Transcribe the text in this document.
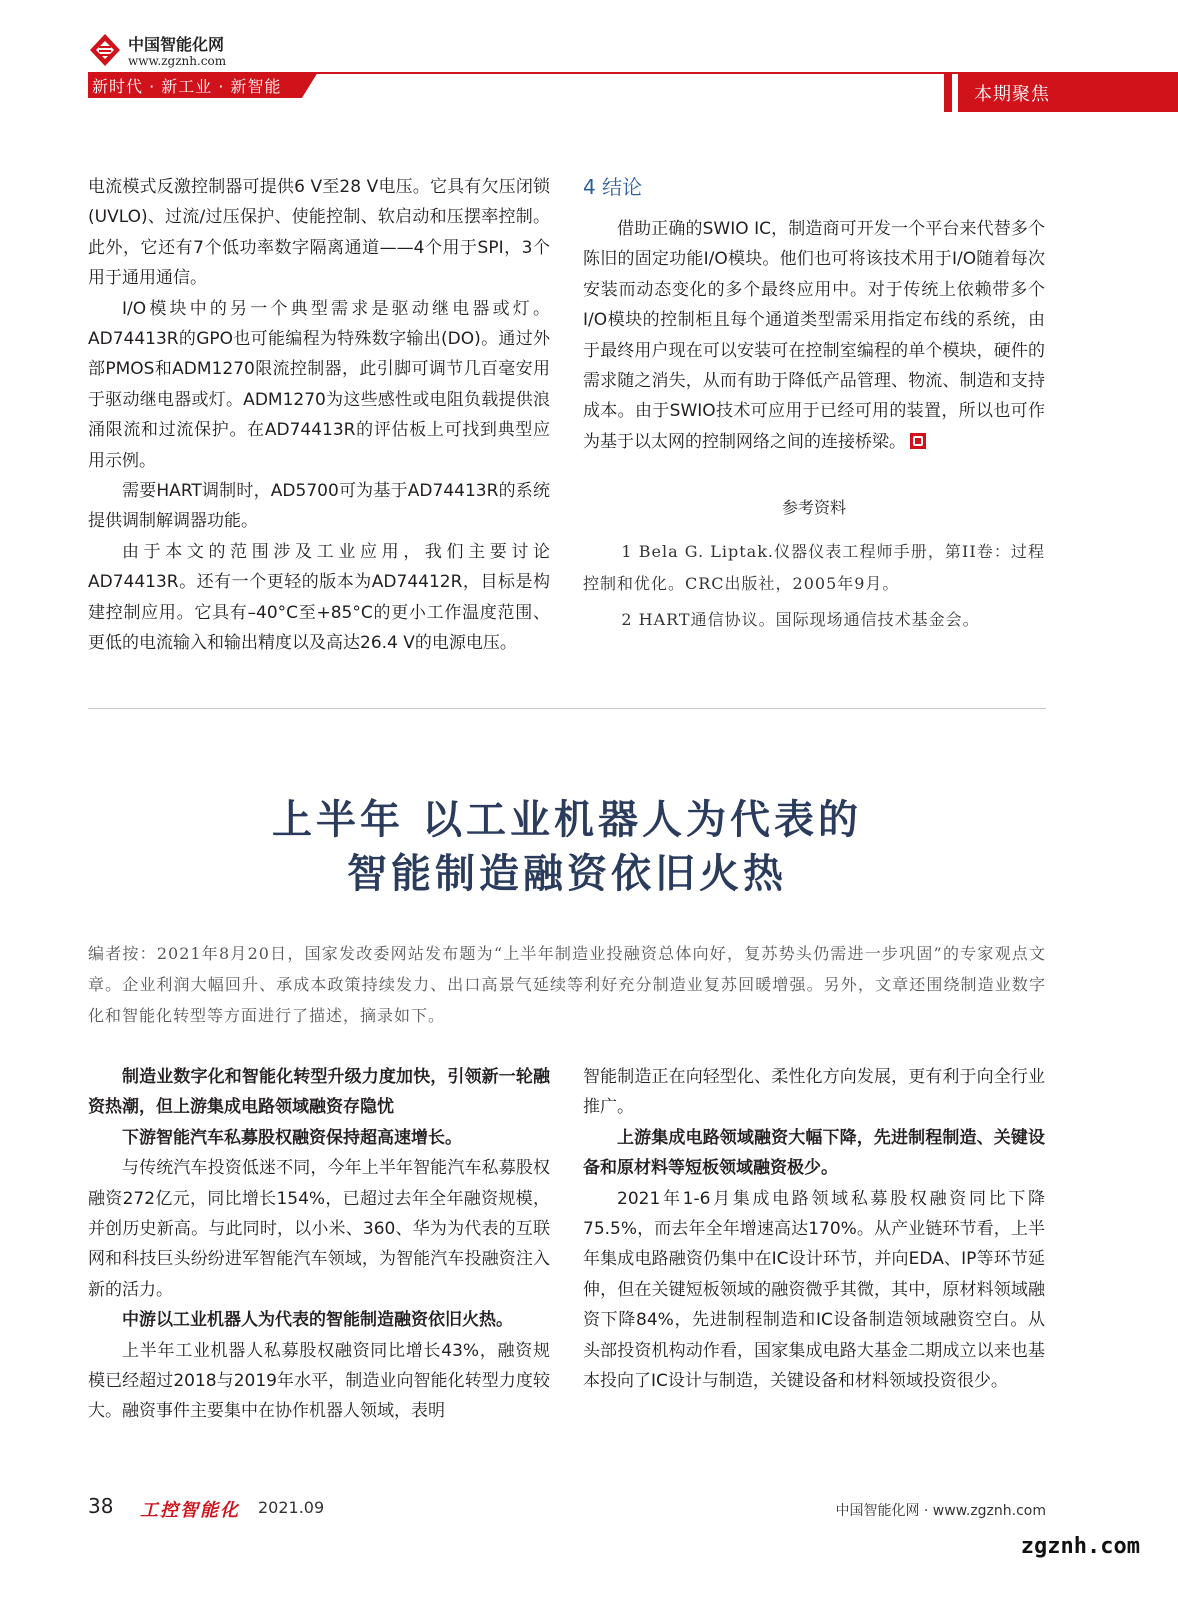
中国智能化网
www.zgznh.com
新时代 · 新工业 · 新智能	本期聚焦

电流模式反激控制器可提供6 V至28 V电压。它具有欠压闭锁(UVLO)、过流/过压保护、使能控制、软启动和压摆率控制。此外，它还有7个低功率数字隔离通道——4个用于SPI，3个用于通用通信。

I/O模块中的另一个典型需求是驱动继电器或灯。AD74413R的GPO也可能编程为特殊数字输出(DO)。通过外部PMOS和ADM1270限流控制器，此引脚可调节几百毫安用于驱动继电器或灯。ADM1270为这些感性或电阻负载提供浪涌限流和过流保护。在AD74413R的评估板上可找到典型应用示例。

需要HART调制时，AD5700可为基于AD74413R的系统提供调制解调器功能。

由于本文的范围涉及工业应用，我们主要讨论AD74413R。还有一个更轻的版本为AD74412R，目标是构建控制应用。它具有–40°C至+85°C的更小工作温度范围、更低的电流输入和输出精度以及高达26.4 V的电源电压。

4 结论

借助正确的SWIO IC，制造商可开发一个平台来代替多个陈旧的固定功能I/O模块。他们也可将该技术用于I/O随着每次安装而动态变化的多个最终应用中。对于传统上依赖带多个I/O模块的控制柜且每个通道类型需采用指定布线的系统，由于最终用户现在可以安装可在控制室编程的单个模块，硬件的需求随之消失，从而有助于降低产品管理、物流、制造和支持成本。由于SWIO技术可应用于已经可用的装置，所以也可作为基于以太网的控制网络之间的连接桥梁。

参考资料

1 Bela G. Liptak.仪器仪表工程师手册，第II卷：过程控制和优化。CRC出版社，2005年9月。

2 HART通信协议。国际现场通信技术基金会。

上半年 以工业机器人为代表的
智能制造融资依旧火热
编者按：2021年8月20日，国家发改委网站发布题为“上半年制造业投融资总体向好，复苏势头仍需进一步巩固”的专家观点文章。企业利润大幅回升、承成本政策持续发力、出口高景气延续等利好充分制造业复苏回暖增强。另外，文章还围绕制造业数字化和智能化转型等方面进行了描述，摘录如下。

制造业数字化和智能化转型升级力度加快，引领新一轮融资热潮，但上游集成电路领域融资存隐忧

下游智能汽车私募股权融资保持超高速增长。

与传统汽车投资低迷不同，今年上半年智能汽车私募股权融资272亿元，同比增长154%，已超过去年全年融资规模，并创历史新高。与此同时，以小米、360、华为为代表的互联网和科技巨头纷纷进军智能汽车领域，为智能汽车投融资注入新的活力。

中游以工业机器人为代表的智能制造融资依旧火热。

上半年工业机器人私募股权融资同比增长43%，融资规模已经超过2018与2019年水平，制造业向智能化转型力度较大。融资事件主要集中在协作机器人领域，表明

智能制造正在向轻型化、柔性化方向发展，更有利于向全行业推广。

上游集成电路领域融资大幅下降，先进制程制造、关键设备和原材料等短板领域融资极少。

2021年1-6月集成电路领域私募股权融资同比下降75.5%，而去年全年增速高达170%。从产业链环节看，上半年集成电路融资仍集中在IC设计环节，并向EDA、IP等环节延伸，但在关键短板领域的融资微乎其微，其中，原材料领域融资下降84%，先进制程制造和IC设备制造领域融资空白。从头部投资机构动作看，国家集成电路大基金二期成立以来也基本投向了IC设计与制造，关键设备和材料领域投资很少。

38 工控智能化 2021.09	中国智能化网 · www.zgznh.com
zgznh.com
